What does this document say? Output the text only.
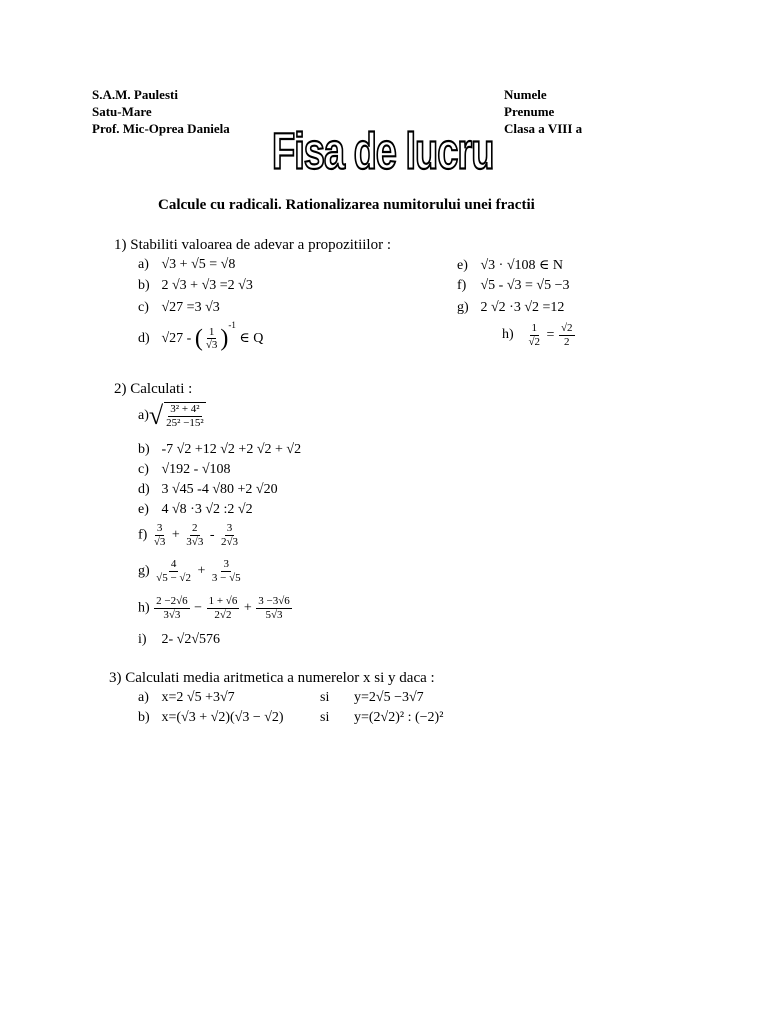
S.A.M. Paulesti
Satu-Mare
Prof. Mic-Oprea Daniela
Numele
Prenume
Clasa a VIII a
Fisa de lucru
Calcule cu radicali. Rationalizarea numitorului unei fractii
1) Stabiliti valoarea de adevar a propozitiilor :
a) √3 + √5 = √8
b) 2 √3 + √3 =2 √3
c) √27 =3 √3
d) √27 - ( $\frac{1}{√3} )^{-1}$ ∈ Q
e) √3 · √108 ∈ N
f) √5 - √3 = √5 −3
g) 2 √2 ·3 √2 =12
$h) \frac{1}{√2} = \frac{√2}{2}$
2) Calculati :
$a)√ \frac{\text{3² + 4²}}{\text{25² −15²}}$
b) -7 √2 +12 √2 +2 √2 + √2
c) √192 - √108
d) 3 √45 -4 √80 +2 √20
e) 4 √8 ·3 √2 :2 √2
$f) \frac{3}{√3} + \frac{2}{3√3} - \frac{3}{2√3}$
$g) \frac{4}{√5 - √2} + \frac{3}{3 - √5}$
$h) \frac{2 -2√6}{3√3} - \frac{1 + √6}{2√2} + \frac{3 -3√6}{5√3}$
i) 2- √2√576
3) Calculati media aritmetica a numerelor x si y daca :
a) x=2 √5 +3√7	si y=2√5 −3√7
b) x=(√3 + √2)(√3 − √2)	si y=(2√2)² : (−2)²
